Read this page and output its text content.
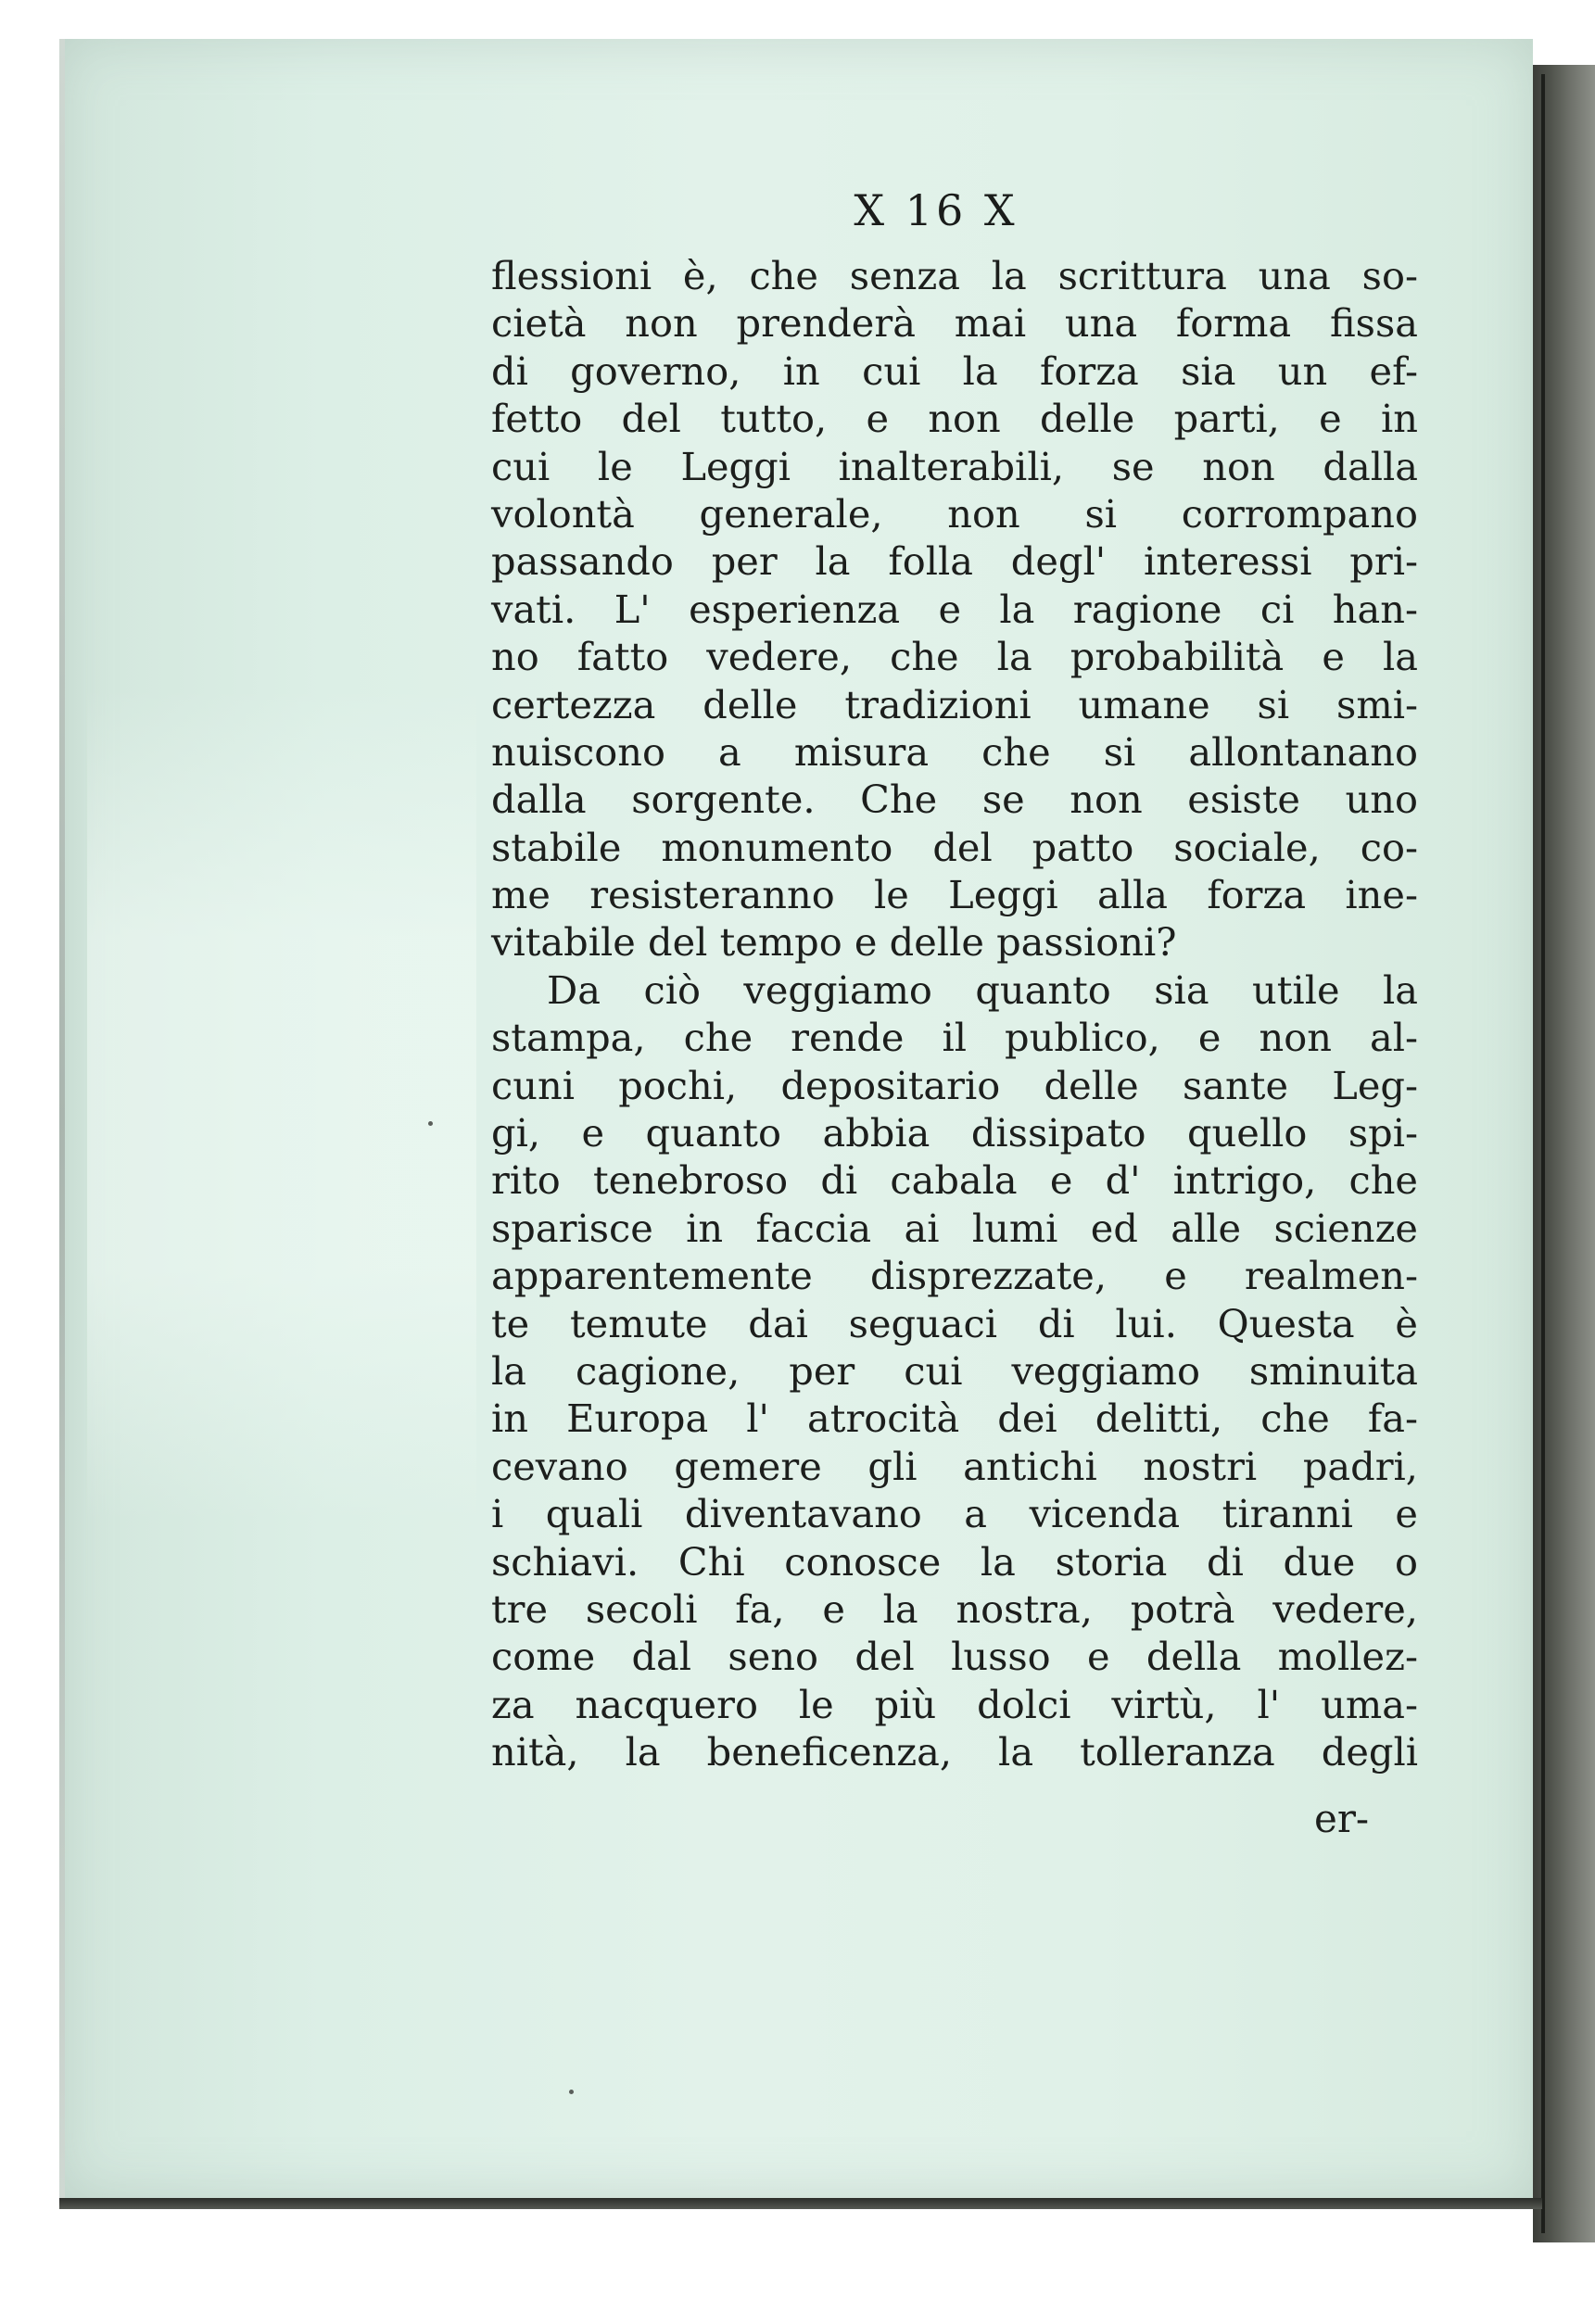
X 16 X
flessioni è, che senza la scrittura una so-
cietà non prenderà mai una forma fissa
di governo, in cui la forza sia un ef-
fetto del tutto, e non delle parti, e in
cui le Leggi inalterabili, se non dalla
volontà generale, non si corrompano
passando per la folla degl' interessi pri-
vati. L' esperienza e la ragione ci han-
no fatto vedere, che la probabilità e la
certezza delle tradizioni umane si smi-
nuiscono a misura che si allontanano
dalla sorgente. Che se non esiste uno
stabile monumento del patto sociale, co-
me resisteranno le Leggi alla forza ine-
vitabile del tempo e delle passioni?
Da ciò veggiamo quanto sia utile la
stampa, che rende il publico, e non al-
cuni pochi, depositario delle sante Leg-
gi, e quanto abbia dissipato quello spi-
rito tenebroso di cabala e d' intrigo, che
sparisce in faccia ai lumi ed alle scienze
apparentemente disprezzate, e realmen-
te temute dai seguaci di lui. Questa è
la cagione, per cui veggiamo sminuita
in Europa l' atrocità dei delitti, che fa-
cevano gemere gli antichi nostri padri,
i quali diventavano a vicenda tiranni e
schiavi. Chi conosce la storia di due o
tre secoli fa, e la nostra, potrà vedere,
come dal seno del lusso e della mollez-
za nacquero le più dolci virtù, l' uma-
nità, la beneficenza, la tolleranza degli
er-
